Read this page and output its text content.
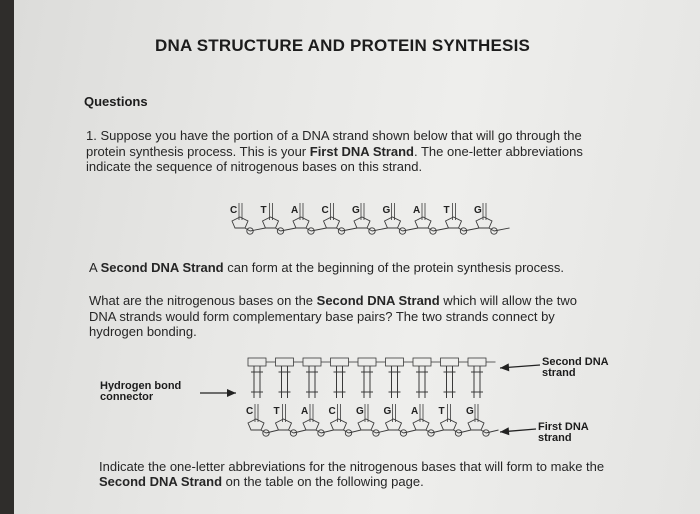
DNA STRUCTURE AND PROTEIN SYNTHESIS
Questions
1. Suppose you have the portion of a DNA strand shown below that will go through the
protein synthesis process. This is your First DNA Strand. The one-letter abbreviations
indicate the sequence of nitrogenous bases on this strand.
A Second DNA Strand can form at the beginning of the protein synthesis process.
What are the nitrogenous bases on the Second DNA Strand which will allow the two
DNA strands would form complementary base pairs? The two strands connect by
hydrogen bonding.
Indicate the one-letter abbreviations for the nitrogenous bases that will form to make the
Second DNA Strand on the table on the following page.
Hydrogen bond
connector
Second DNA
strand
First DNA
strand
C T A C G G A T G
C T A C G G A T G
